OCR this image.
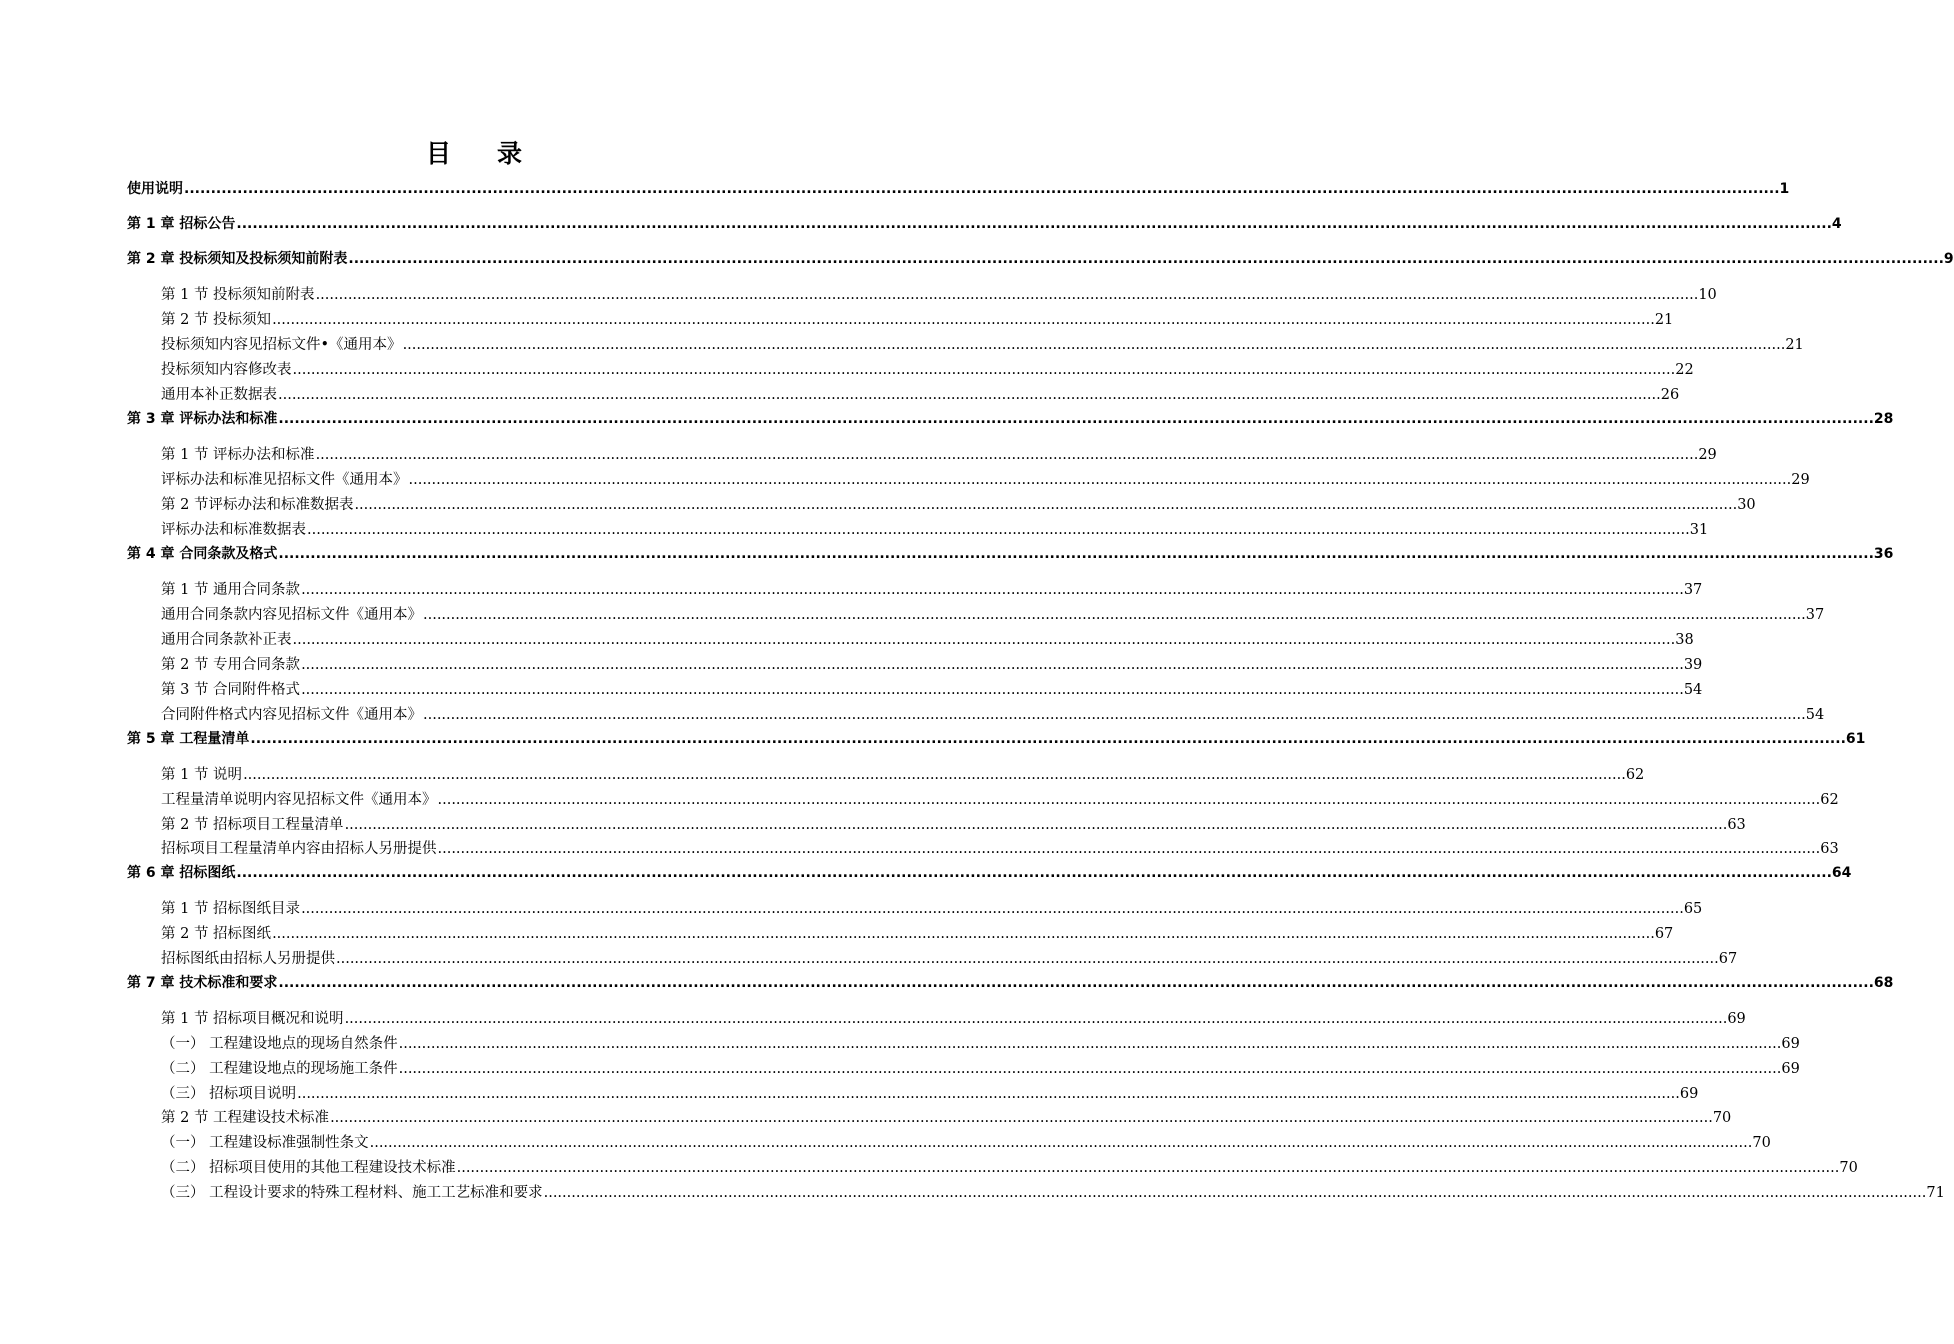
目 录
使用说明 ............................................................................................................................................................................................................................................................................................................ 1
第 1 章 招标公告 ............................................................................................................................................................................................................................................................................................................ 4
第 2 章 投标须知及投标须知前附表 ............................................................................................................................................................................................................................................................................................................ 9
第 1 节 投标须知前附表 ............................................................................................................................................................................................................................................................................................................ 10
第 2 节 投标须知 ............................................................................................................................................................................................................................................................................................................ 21
投标须知内容见招标文件•《通用本》 ............................................................................................................................................................................................................................................................................................................ 21
投标须知内容修改表 ............................................................................................................................................................................................................................................................................................................ 22
通用本补正数据表 ............................................................................................................................................................................................................................................................................................................ 26
第 3 章 评标办法和标准 ............................................................................................................................................................................................................................................................................................................ 28
第 1 节 评标办法和标准 ............................................................................................................................................................................................................................................................................................................ 29
评标办法和标准见招标文件《通用本》 ............................................................................................................................................................................................................................................................................................................ 29
第 2 节 评标办法和标准数据表 ............................................................................................................................................................................................................................................................................................................ 30
评标办法和标准数据表 ............................................................................................................................................................................................................................................................................................................ 31
第 4 章 合同条款及格式 ............................................................................................................................................................................................................................................................................................................ 36
第 1 节 通用合同条款 ............................................................................................................................................................................................................................................................................................................ 37
通用合同条款内容见招标文件《通用本》 ............................................................................................................................................................................................................................................................................................................ 37
通用合同条款补正表 ............................................................................................................................................................................................................................................................................................................ 38
第 2 节 专用合同条款 ............................................................................................................................................................................................................................................................................................................ 39
第 3 节 合同附件格式 ............................................................................................................................................................................................................................................................................................................ 54
合同附件格式内容见招标文件《通用本》 ............................................................................................................................................................................................................................................................................................................ 54
第 5 章 工程量清单 ............................................................................................................................................................................................................................................................................................................ 61
第 1 节 说明 ............................................................................................................................................................................................................................................................................................................ 62
工程量清单说明内容见招标文件《通用本》 ............................................................................................................................................................................................................................................................................................................ 62
第 2 节 招标项目工程量清单 ............................................................................................................................................................................................................................................................................................................ 63
招标项目工程量清单内容由招标人另册提供 ............................................................................................................................................................................................................................................................................................................ 63
第 6 章 招标图纸 ............................................................................................................................................................................................................................................................................................................ 64
第 1 节 招标图纸目录 ............................................................................................................................................................................................................................................................................................................ 65
第 2 节 招标图纸 ............................................................................................................................................................................................................................................................................................................ 67
招标图纸由招标人另册提供 ............................................................................................................................................................................................................................................................................................................ 67
第 7 章 技术标准和要求 ............................................................................................................................................................................................................................................................................................................ 68
第 1 节 招标项目概况和说明 ............................................................................................................................................................................................................................................................................................................ 69
（一） 工程建设地点的现场自然条件 ............................................................................................................................................................................................................................................................................................................ 69
（二） 工程建设地点的现场施工条件 ............................................................................................................................................................................................................................................................................................................ 69
（三） 招标项目说明 ............................................................................................................................................................................................................................................................................................................ 69
第 2 节 工程建设技术标准 ............................................................................................................................................................................................................................................................................................................ 70
（一） 工程建设标准强制性条文 ............................................................................................................................................................................................................................................................................................................ 70
（二） 招标项目使用的其他工程建设技术标准 ............................................................................................................................................................................................................................................................................................................ 70
（三） 工程设计要求的特殊工程材料、施工工艺标准和要求 ............................................................................................................................................................................................................................................................................................................ 71
